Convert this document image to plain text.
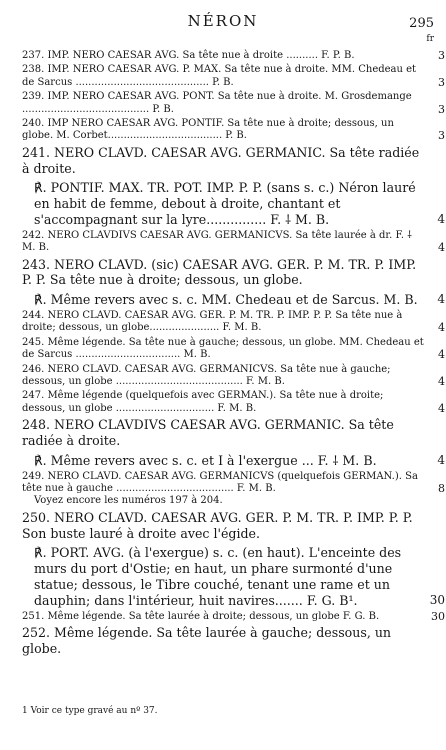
NÉRON	295
fr
237. IMP. NERO CAESAR AVG. Sa tête nue à droite .......... F. P. B.	3
238. IMP. NERO CAESAR AVG. P. MAX. Sa tête nue à droite. MM. Chedeau et de Sarcus .......................................... P. B.	3
239. IMP. NERO CAESAR AVG. PONT. Sa tête nue à droite. M. Grosdemange ........................................ P. B.	3
240. IMP NERO CAESAR AVG. PONTIF. Sa tête nue à droite; dessous, un globe. M. Corbet.................................... P. B.	3
241. NERO CLAVD. CAESAR AVG. GERMANIC. Sa tête radiée à droite.
℟. PONTIF. MAX. TR. POT. IMP. P. P. (sans s. c.) Néron lauré en habit de femme, debout à droite, chantant et s'accompagnant sur la lyre............... F. ⸸ M. B.	4
242. NERO CLAVDIVS CAESAR AVG. GERMANICVS. Sa tête laurée à dr. F. ⸸ M. B.	4
243. NERO CLAVD. (sic) CAESAR AVG. GER. P. M. TR. P. IMP. P. P. Sa tête nue à droite; dessous, un globe.
℟. Même revers avec s. c. MM. Chedeau et de Sarcus. M. B. 4
244. NERO CLAVD. CAESAR AVG. GER. P. M. TR. P. IMP. P. P. Sa tête nue à droite; dessous, un globe...................... F. M. B.	4
245. Même légende. Sa tête nue à gauche; dessous, un globe. MM. Chedeau et de Sarcus ................................. M. B.	4
246. NERO CLAVD. CAESAR AVG. GERMANICVS. Sa tête nue à gauche; dessous, un globe ........................................ F. M. B.	4
247. Même légende (quelquefois avec GERMAN.). Sa tête nue à droite; dessous, un globe ............................... F. M. B.	4
248. NERO CLAVDIVS CAESAR AVG. GERMANIC. Sa tête radiée à droite.
℟. Même revers avec s. c. et I à l'exergue ... F. ⸸ M. B.	4
249. NERO CLAVD. CAESAR AVG. GERMANICVS (quelquefois GERMAN.). Sa tête nue à gauche ..................................... F. M. B.	8
Voyez encore les numéros 197 à 204.
250. NERO CLAVD. CAESAR AVG. GER. P. M. TR. P. IMP. P. P. Son buste lauré à droite avec l'égide.
℟. PORT. AVG. (à l'exergue) s. c. (en haut). L'enceinte des murs du port d'Ostie; en haut, un phare surmonté d'une statue; dessous, le Tibre couché, tenant une rame et un dauphin; dans l'intérieur, huit navires....... F. G. B¹.	30
251. Même légende. Sa tête laurée à droite; dessous, un globe F. G. B.	30
252. Même légende. Sa tête laurée à gauche; dessous, un globe.
1 Voir ce type gravé au nº 37.
